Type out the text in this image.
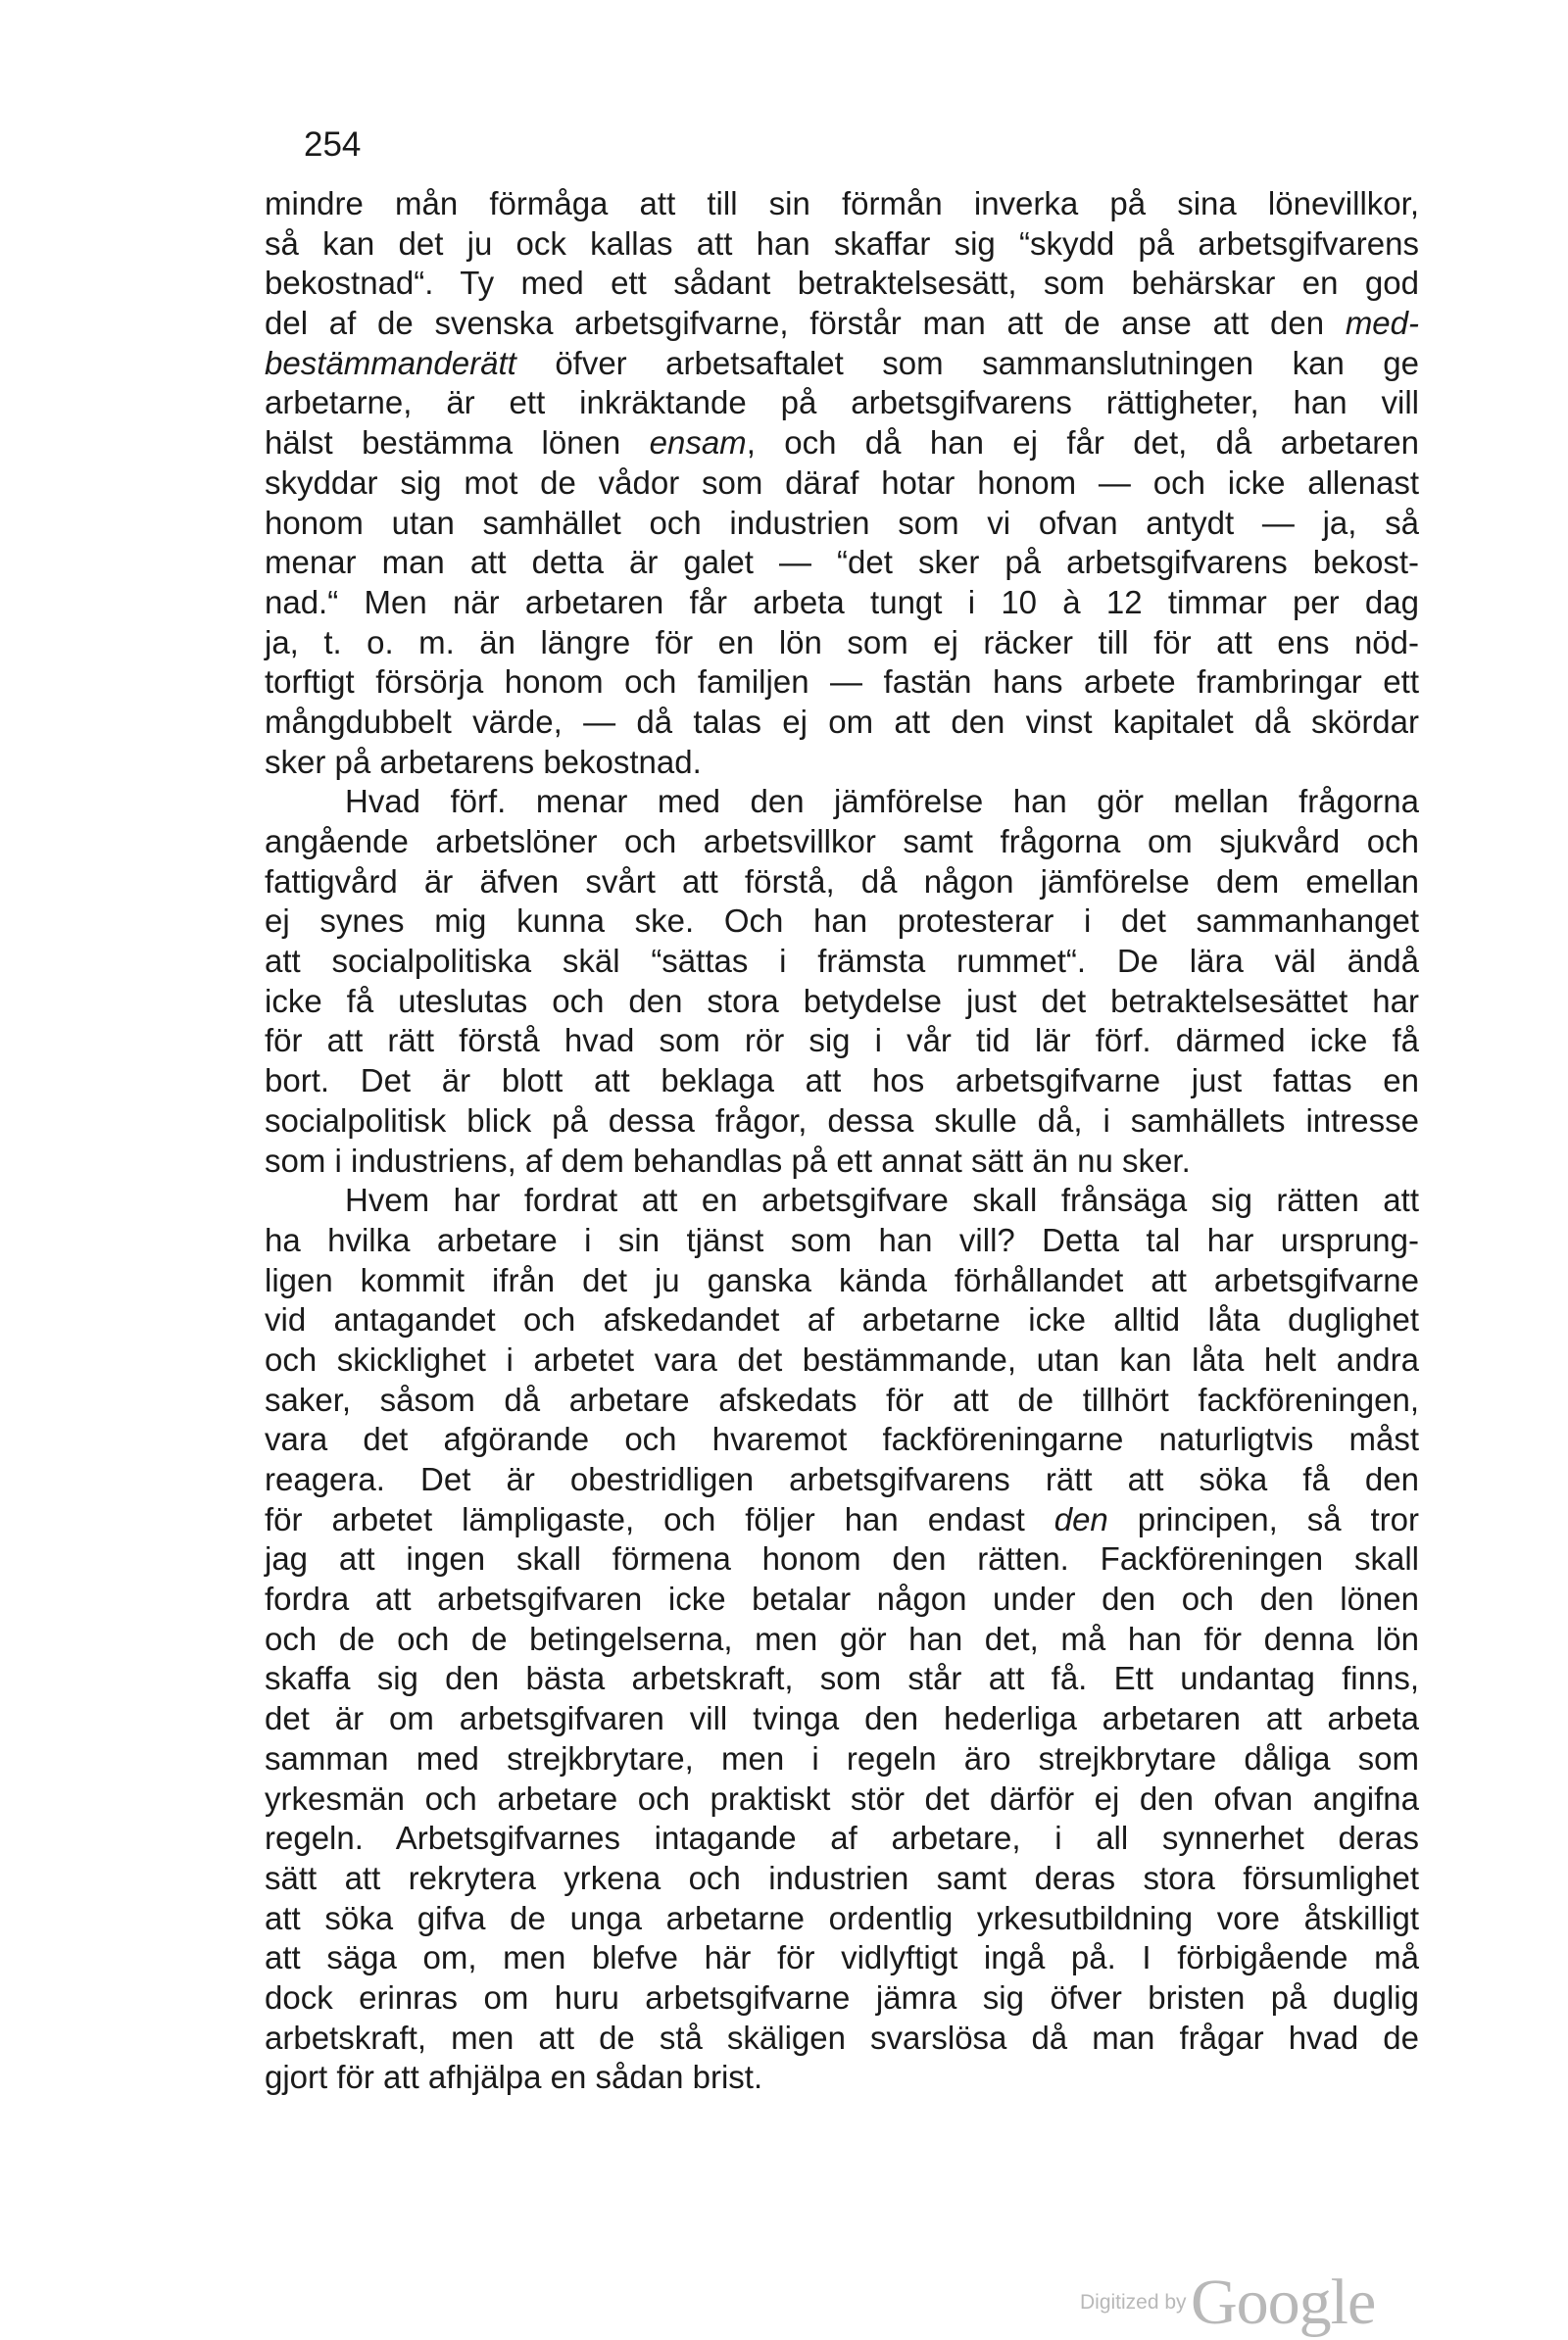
254
mindre mån förmåga att till sin förmån inverka på sina lönevillkor,
så kan det ju ock kallas att han skaffar sig “skydd på arbetsgifvarens
bekostnad“. Ty med ett sådant betraktelsesätt, som behärskar en god
del af de svenska arbetsgifvarne, förstår man att de anse att den med-
bestämmanderätt öfver arbetsaftalet som sammanslutningen kan ge
arbetarne, är ett inkräktande på arbetsgifvarens rättigheter, han vill
hälst bestämma lönen ensam, och då han ej får det, då arbetaren
skyddar sig mot de vådor som däraf hotar honom — och icke allenast
honom utan samhället och industrien som vi ofvan antydt — ja, så
menar man att detta är galet — “det sker på arbetsgifvarens bekost-
nad.“ Men när arbetaren får arbeta tungt i 10 à 12 timmar per dag
ja, t. o. m. än längre för en lön som ej räcker till för att ens nöd-
torftigt försörja honom och familjen — fastän hans arbete frambringar ett
mångdubbelt värde, — då talas ej om att den vinst kapitalet då skördar
sker på arbetarens bekostnad.
Hvad förf. menar med den jämförelse han gör mellan frågorna
angående arbetslöner och arbetsvillkor samt frågorna om sjukvård och
fattigvård är äfven svårt att förstå, då någon jämförelse dem emellan
ej synes mig kunna ske. Och han protesterar i det sammanhanget
att socialpolitiska skäl “sättas i främsta rummet“. De lära väl ändå
icke få uteslutas och den stora betydelse just det betraktelsesättet har
för att rätt förstå hvad som rör sig i vår tid lär förf. därmed icke få
bort. Det är blott att beklaga att hos arbetsgifvarne just fattas en
socialpolitisk blick på dessa frågor, dessa skulle då, i samhällets intresse
som i industriens, af dem behandlas på ett annat sätt än nu sker.
Hvem har fordrat att en arbetsgifvare skall frånsäga sig rätten att
ha hvilka arbetare i sin tjänst som han vill? Detta tal har ursprung-
ligen kommit ifrån det ju ganska kända förhållandet att arbetsgifvarne
vid antagandet och afskedandet af arbetarne icke alltid låta duglighet
och skicklighet i arbetet vara det bestämmande, utan kan låta helt andra
saker, såsom då arbetare afskedats för att de tillhört fackföreningen,
vara det afgörande och hvaremot fackföreningarne naturligtvis måst
reagera. Det är obestridligen arbetsgifvarens rätt att söka få den
för arbetet lämpligaste, och följer han endast den principen, så tror
jag att ingen skall förmena honom den rätten. Fackföreningen skall
fordra att arbetsgifvaren icke betalar någon under den och den lönen
och de och de betingelserna, men gör han det, må han för denna lön
skaffa sig den bästa arbetskraft, som står att få. Ett undantag finns,
det är om arbetsgifvaren vill tvinga den hederliga arbetaren att arbeta
samman med strejkbrytare, men i regeln äro strejkbrytare dåliga som
yrkesmän och arbetare och praktiskt stör det därför ej den ofvan angifna
regeln. Arbetsgifvarnes intagande af arbetare, i all synnerhet deras
sätt att rekrytera yrkena och industrien samt deras stora försumlighet
att söka gifva de unga arbetarne ordentlig yrkesutbildning vore åtskilligt
att säga om, men blefve här för vidlyftigt ingå på. I förbigående må
dock erinras om huru arbetsgifvarne jämra sig öfver bristen på duglig
arbetskraft, men att de stå skäligen svarslösa då man frågar hvad de
gjort för att afhjälpa en sådan brist.
Digitized by Google
